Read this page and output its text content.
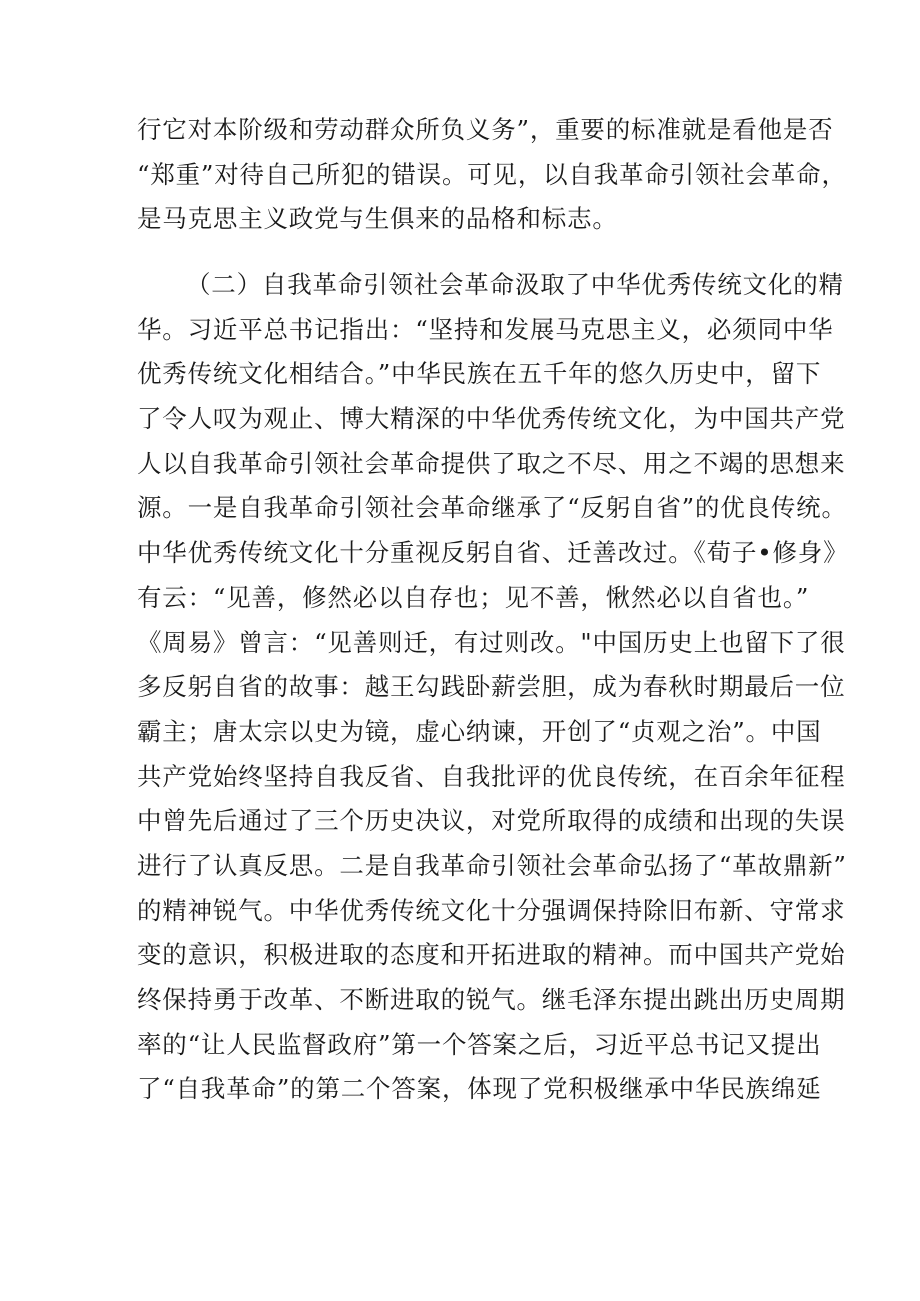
行它对本阶级和劳动群众所负义务”，重要的标准就是看他是否
“郑重”对待自己所犯的错误。可见，以自我革命引领社会革命，
是马克思主义政党与生俱来的品格和标志。
（二）自我革命引领社会革命汲取了中华优秀传统文化的精
华。习近平总书记指出：“坚持和发展马克思主义，必须同中华
优秀传统文化相结合。”中华民族在五千年的悠久历史中，留下
了令人叹为观止、博大精深的中华优秀传统文化，为中国共产党
人以自我革命引领社会革命提供了取之不尽、用之不竭的思想来
源。一是自我革命引领社会革命继承了“反躬自省”的优良传统。
中华优秀传统文化十分重视反躬自省、迁善改过。《荀子•修身》
有云：“见善，修然必以自存也；见不善，愀然必以自省也。”
《周易》曾言：“见善则迁，有过则改。"中国历史上也留下了很
多反躬自省的故事：越王勾践卧薪尝胆，成为春秋时期最后一位
霸主；唐太宗以史为镜，虚心纳谏，开创了“贞观之治”。中国
共产党始终坚持自我反省、自我批评的优良传统，在百余年征程
中曾先后通过了三个历史决议，对党所取得的成绩和出现的失误
进行了认真反思。二是自我革命引领社会革命弘扬了“革故鼎新”
的精神锐气。中华优秀传统文化十分强调保持除旧布新、守常求
变的意识，积极进取的态度和开拓进取的精神。而中国共产党始
终保持勇于改革、不断进取的锐气。继毛泽东提出跳出历史周期
率的“让人民监督政府”第一个答案之后，习近平总书记又提出
了“自我革命”的第二个答案，体现了党积极继承中华民族绵延
